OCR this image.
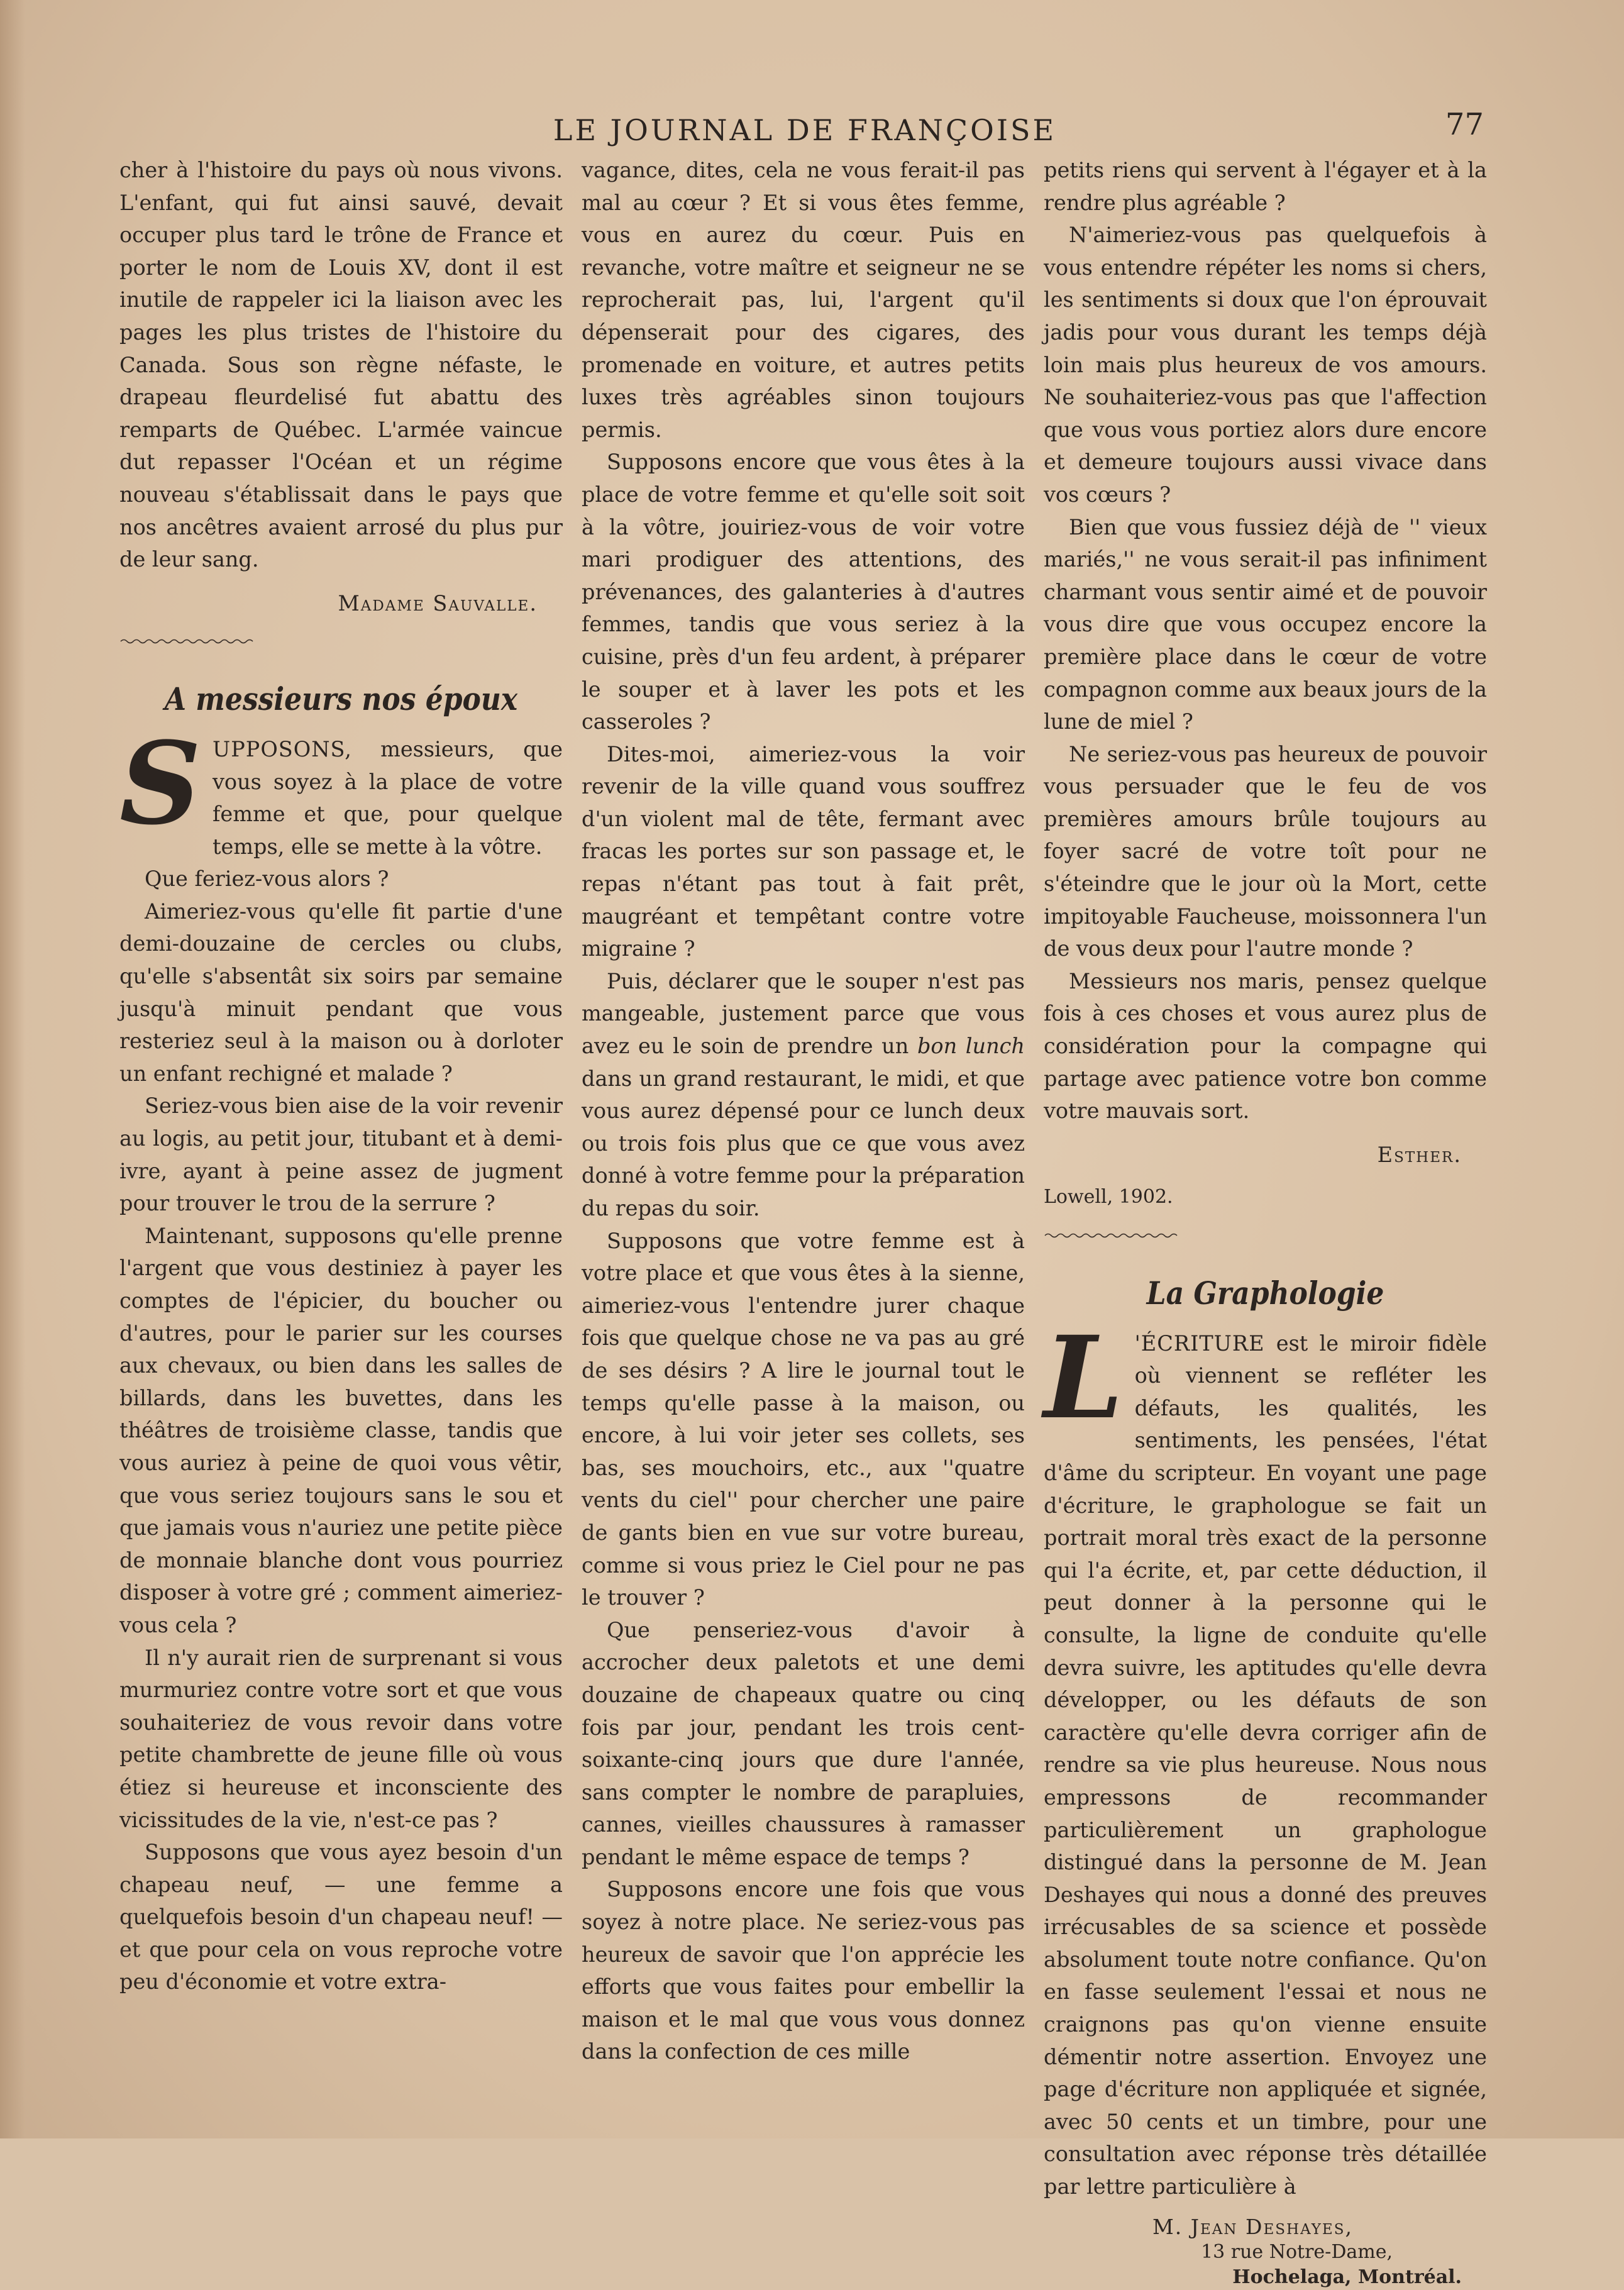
LE JOURNAL DE FRANÇOISE	77

cher à l'histoire du pays où nous vivons. L'enfant, qui fut ainsi sauvé, devait occuper plus tard le trône de France et porter le nom de Louis XV, dont il est inutile de rappeler ici la liaison avec les pages les plus tristes de l'histoire du Canada. Sous son règne néfaste, le drapeau fleurdelisé fut abattu des remparts de Québec. L'armée vaincue dut repasser l'Océan et un régime nouveau s'établissait dans le pays que nos ancêtres avaient arrosé du plus pur de leur sang.

Madame Sauvalle.
A messieurs nos époux

SUPPOSONS, messieurs, que vous soyez à la place de votre femme et que, pour quelque temps, elle se mette à la vôtre.

Que feriez-vous alors ?

Aimeriez-vous qu'elle fit partie d'une demi-douzaine de cercles ou clubs, qu'elle s'absentât six soirs par semaine jusqu'à minuit pendant que vous resteriez seul à la maison ou à dorloter un enfant rechigné et malade ?

Seriez-vous bien aise de la voir revenir au logis, au petit jour, titubant et à demi-ivre, ayant à peine assez de jugment pour trouver le trou de la serrure ?

Maintenant, supposons qu'elle prenne l'argent que vous destiniez à payer les comptes de l'épicier, du boucher ou d'autres, pour le parier sur les courses aux chevaux, ou bien dans les salles de billards, dans les buvettes, dans les théâtres de troisième classe, tandis que vous auriez à peine de quoi vous vêtir, que vous seriez toujours sans le sou et que jamais vous n'auriez une petite pièce de monnaie blanche dont vous pourriez disposer à votre gré ; comment aimeriez-vous cela ?

Il n'y aurait rien de surprenant si vous murmuriez contre votre sort et que vous souhaiteriez de vous revoir dans votre petite chambrette de jeune fille où vous étiez si heureuse et inconsciente des vicissitudes de la vie, n'est-ce pas ?

Supposons que vous ayez besoin d'un chapeau neuf, — une femme a quelquefois besoin d'un chapeau neuf! —et que pour cela on vous reproche votre peu d'économie et votre extra-

vagance, dites, cela ne vous ferait-il pas mal au cœur ? Et si vous êtes femme, vous en aurez du cœur. Puis en revanche, votre maître et seigneur ne se reprocherait pas, lui, l'argent qu'il dépenserait pour des cigares, des promenade en voiture, et autres petits luxes très agréables sinon toujours permis.

Supposons encore que vous êtes à la place de votre femme et qu'elle soit soit à la vôtre, jouiriez-vous de voir votre mari prodiguer des attentions, des prévenances, des galanteries à d'autres femmes, tandis que vous seriez à la cuisine, près d'un feu ardent, à préparer le souper et à laver les pots et les casseroles ?

Dites-moi, aimeriez-vous la voir revenir de la ville quand vous souffrez d'un violent mal de tête, fermant avec fracas les portes sur son passage et, le repas n'étant pas tout à fait prêt, maugréant et tempêtant contre votre migraine ?

Puis, déclarer que le souper n'est pas mangeable, justement parce que vous avez eu le soin de prendre un bon lunch dans un grand restaurant, le midi, et que vous aurez dépensé pour ce lunch deux ou trois fois plus que ce que vous avez donné à votre femme pour la préparation du repas du soir.

Supposons que votre femme est à votre place et que vous êtes à la sienne, aimeriez-vous l'entendre jurer chaque fois que quelque chose ne va pas au gré de ses désirs ? A lire le journal tout le temps qu'elle passe à la maison, ou encore, à lui voir jeter ses collets, ses bas, ses mouchoirs, etc., aux ''quatre vents du ciel'' pour chercher une paire de gants bien en vue sur votre bureau, comme si vous priez le Ciel pour ne pas le trouver ?

Que penseriez-vous d'avoir à accrocher deux paletots et une demi douzaine de chapeaux quatre ou cinq fois par jour, pendant les trois cent-soixante-cinq jours que dure l'année, sans compter le nombre de parapluies, cannes, vieilles chaussures à ramasser pendant le même espace de temps ?

Supposons encore une fois que vous soyez à notre place. Ne seriez-vous pas heureux de savoir que l'on apprécie les efforts que vous faites pour embellir la maison et le mal que vous vous donnez dans la confection de ces mille

petits riens qui servent à l'égayer et à la rendre plus agréable ?

N'aimeriez-vous pas quelquefois à vous entendre répéter les noms si chers, les sentiments si doux que l'on éprouvait jadis pour vous durant les temps déjà loin mais plus heureux de vos amours. Ne souhaiteriez-vous pas que l'affection que vous vous portiez alors dure encore et demeure toujours aussi vivace dans vos cœurs ?

Bien que vous fussiez déjà de '' vieux mariés,'' ne vous serait-il pas infiniment charmant vous sentir aimé et de pouvoir vous dire que vous occupez encore la première place dans le cœur de votre compagnon comme aux beaux jours de la lune de miel ?

Ne seriez-vous pas heureux de pouvoir vous persuader que le feu de vos premières amours brûle toujours au foyer sacré de votre toît pour ne s'éteindre que le jour où la Mort, cette impitoyable Faucheuse, moissonnera l'un de vous deux pour l'autre monde ?

Messieurs nos maris, pensez quelque fois à ces choses et vous aurez plus de considération pour la compagne qui partage avec patience votre bon comme votre mauvais sort.

Esther.
Lowell, 1902.
La Graphologie

L 'ÉCRITURE est le miroir fidèle où viennent se refléter les défauts, les qualités, les sentiments, les pensées, l'état d'âme du scripteur. En voyant une page d'écriture, le graphologue se fait un portrait moral très exact de la personne qui l'a écrite, et, par cette déduction, il peut donner à la personne qui le consulte, la ligne de conduite qu'elle devra suivre, les aptitudes qu'elle devra développer, ou les défauts de son caractère qu'elle devra corriger afin de rendre sa vie plus heureuse. Nous nous empressons de recommander particulièrement un graphologue distingué dans la personne de M. Jean Deshayes qui nous a donné des preuves irrécusables de sa science et possède absolument toute notre confiance. Qu'on en fasse seulement l'essai et nous ne craignons pas qu'on vienne ensuite démentir notre assertion. Envoyez une page d'écriture non appliquée et signée, avec 50 cents et un timbre, pour une consultation avec réponse très détaillée par lettre particulière à

M. Jean Deshayes,
13 rue Notre-Dame,
Hochelaga, Montréal.
